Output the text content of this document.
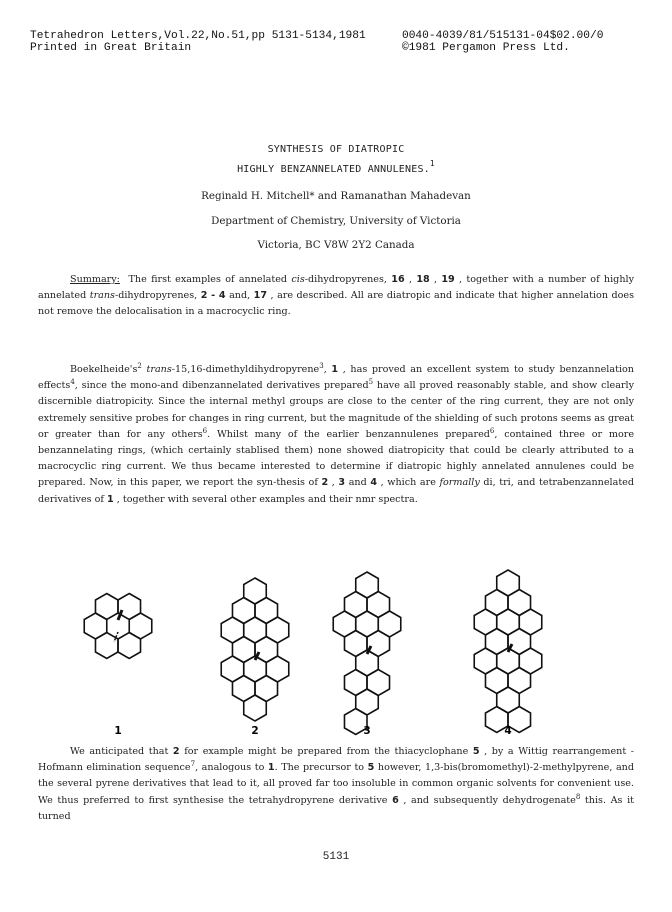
Tetrahedron Letters,Vol.22,No.51,pp 5131-5134,1981	0040-4039/81/515131-04$02.00/0
Printed in Great Britain	©1981 Pergamon Press Ltd.
SYNTHESIS OF DIATROPIC
HIGHLY BENZANNELATED ANNULENES.$^1$
Reginald H. Mitchell* and Ramanathan Mahadevan
Department of Chemistry, University of Victoria
Victoria, BC V8W 2Y2 Canada

Summary: The first examples of annelated cis-dihydropyrenes, 16 , 18 , 19 , together with a number of highly annelated trans-dihydropyrenes, 2 - 4 and, 17 , are described. All are diatropic and indicate that higher annelation does not remove the delocalisation in a macrocyclic ring.

$Boekelheide's^2$ trans-15,16-dimethyldihydropyrene$^3$, 1 , has proved an excellent system to study benzannelation effects$^4$, since the mono-and dibenzannelated derivatives prepared$^5$ have all proved reasonably stable, and show clearly discernible diatropicity. Since the internal methyl groups are close to the center of the ring current, they are not only extremely sensitive probes for changes in ring current, but the magnitude of the shielding of such protons seems as great or greater than for any others$^6$. Whilst many of the earlier benzannulenes prepared$^6$, contained three or more benzannelating rings, (which certainly stablised them) none showed diatropicity that could be clearly attributed to a macrocyclic ring current. We thus became interested to determine if diatropic highly annelated annulenes could be prepared. Now, in this paper, we report the syn-thesis of 2 , 3 and 4 , which are formally di, tri, and tetrabenzannelated derivatives of 1 , together with several other examples and their nmr spectra.

1	2	3	4

We anticipated that 2 for example might be prepared from the thiacyclophane 5 , by a Wittig rearrangement - Hofmann elimination sequence$^7$, analogous to 1. The precursor to 5 however, 1,3-bis(bromomethyl)-2-methylpyrene, and the several pyrene derivatives that lead to it, all proved far too insoluble in common organic solvents for convenient use. We thus preferred to first synthesise the tetrahydropyrene derivative 6 , and subsequently dehydrogenate$^8$ this. As it turned

5131
